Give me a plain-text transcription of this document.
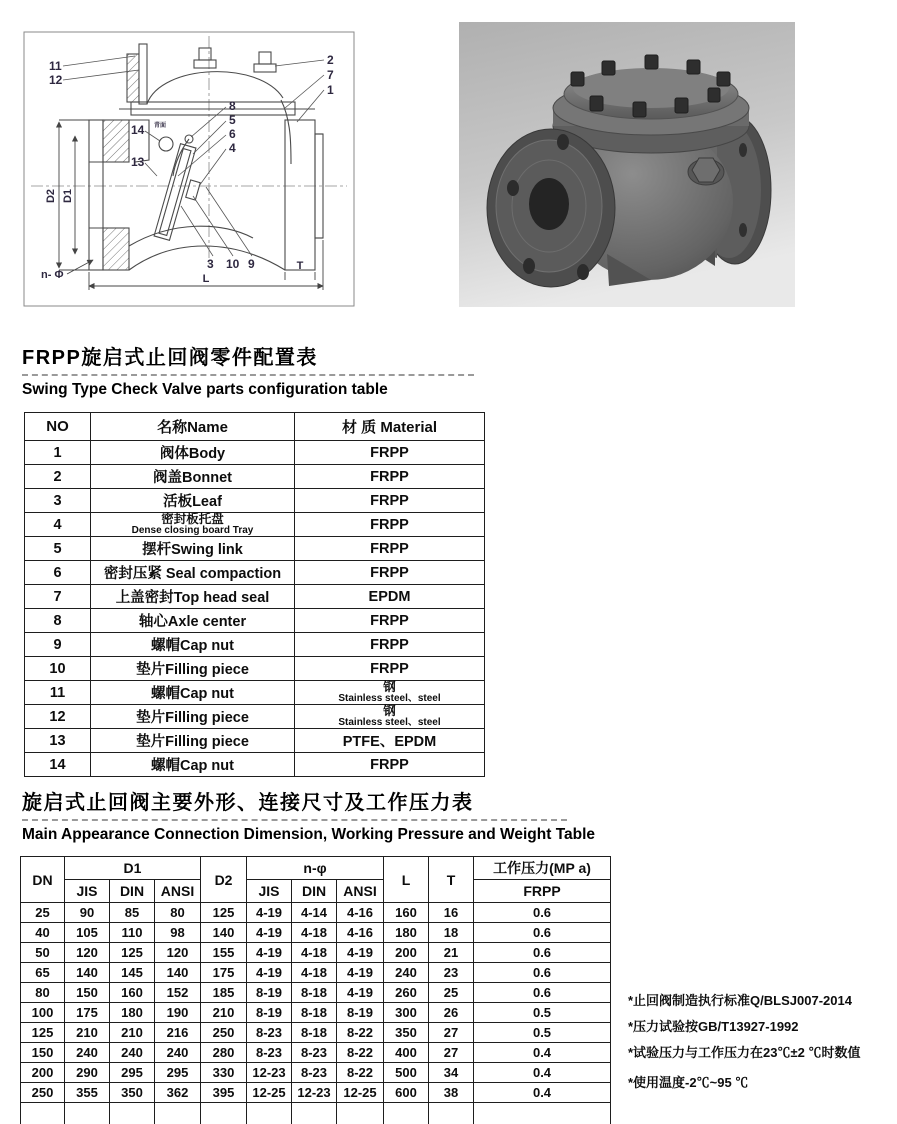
D2 D1
L
T
n- Φ
青面
11
12
2
7
1
8
5
6
4
14
13
3 10 9
FRPP旋启式止回阀零件配置表
Swing Type Check Valve parts configuration table
NO	名称Name	材 质 Material
1	阀体Body	FRPP
2	阀盖Bonnet	FRPP
3	活板Leaf	FRPP
4	密封板托盘
Dense closing board Tray	FRPP
5	摆杆Swing link	FRPP
6	密封压紧 Seal compaction	FRPP
7	上盖密封Top head seal	EPDM
8	轴心Axle center	FRPP
9	螺帽Cap nut	FRPP
10	垫片Filling piece	FRPP
11	螺帽Cap nut	钢
Stainless steel、steel

12	垫片Filling piece	钢
Stainless steel、steel

13	垫片Filling piece	PTFE、EPDM
14	螺帽Cap nut	FRPP
旋启式止回阀主要外形、连接尺寸及工作压力表
Main Appearance Connection Dimension, Working Pressure and Weight Table
DN	D1			D2	n-φ			L	T	工作压力(MP a)
	JIS	DIN	ANSI		JIS	DIN	ANSI			FRPP
25	90	85	80	125	4-19	4-14	4-16	160	16	0.6
40	105	110	98	140	4-19	4-18	4-16	180	18	0.6
50	120	125	120	155	4-19	4-18	4-19	200	21	0.6
65	140	145	140	175	4-19	4-18	4-19	240	23	0.6
80	150	160	152	185	8-19	8-18	4-19	260	25	0.6
100	175	180	190	210	8-19	8-18	8-19	300	26	0.5
125	210	210	216	250	8-23	8-18	8-22	350	27	0.5
150	240	240	240	280	8-23	8-23	8-22	400	27	0.4
200	290	295	295	330	12-23	8-23	8-22	500	34	0.4
250	355	350	362	395	12-25	12-23	12-25	600	38	0.4

*止回阀制造执行标准Q/BLSJ007-2014
*压力试验按GB/T13927-1992
*试验压力与工作压力在23℃±2 ℃时数值
*使用温度-2℃~95 ℃
